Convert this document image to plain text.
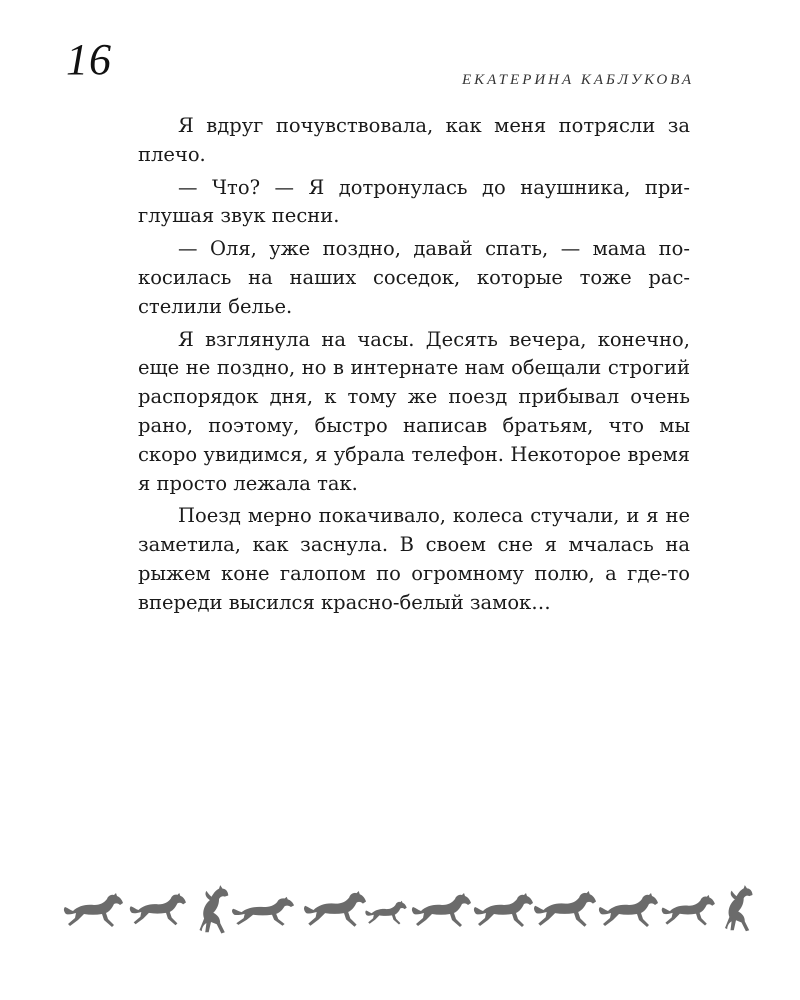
16	ЕКАТЕРИНА КАБЛУКОВА

Я вдруг почувствовала, как меня потрясли за плечо.

— Что? — Я дотронулась до наушника, приглушая звук песни.

— Оля, уже поздно, давай спать, — мама покосилась на наших соседок, которые тоже расстелили белье.

Я взглянула на часы. Десять вечера, конечно, еще не поздно, но в интернате нам обещали строгий распорядок дня, к тому же поезд прибывал очень рано, поэтому, быстро написав братьям, что мы скоро увидимся, я убрала телефон. Некоторое время я просто лежала так.

Поезд мерно покачивало, колеса стучали, и я не заметила, как заснула. В своем сне я мчалась на рыжем коне галопом по огромному полю, а где-то впереди высился красно-белый замок…
